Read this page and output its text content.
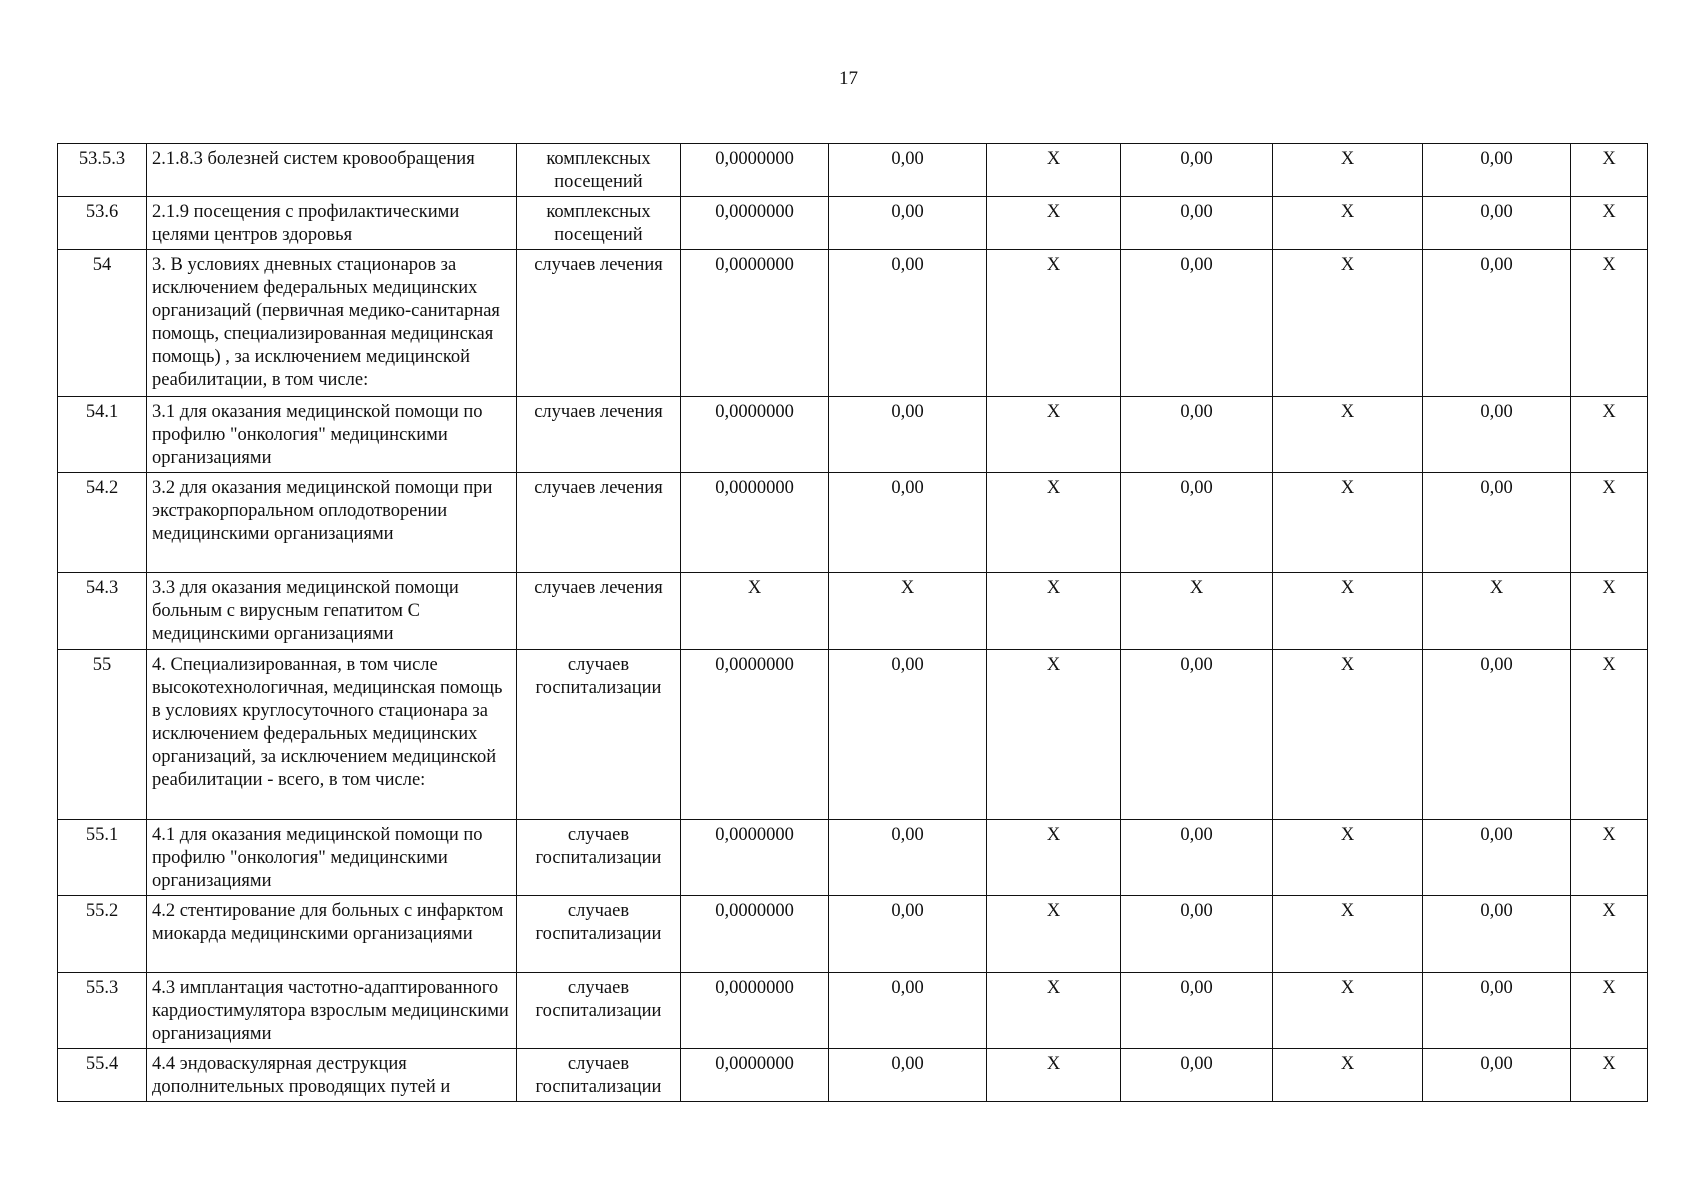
17
53.5.3	2.1.8.3 болезней систем кровообращения	комплексных посещений	0,0000000	0,00	X	0,00	X	0,00	X
53.6	2.1.9 посещения с профилактическими целями центров здоровья	комплексных посещений	0,0000000	0,00	X	0,00	X	0,00	X
54	3. В условиях дневных стационаров за исключением федеральных медицинских организаций (первичная медико-санитарная помощь, специализированная медицинская помощь) , за исключением медицинской реабилитации, в том числе:	случаев лечения	0,0000000	0,00	X	0,00	X	0,00	X
54.1	3.1 для оказания медицинской помощи по профилю "онкология" медицинскими организациями	случаев лечения	0,0000000	0,00	X	0,00	X	0,00	X
54.2	3.2 для оказания медицинской помощи при экстракорпоральном оплодотворении медицинскими организациями	случаев лечения	0,0000000	0,00	X	0,00	X	0,00	X
54.3	3.3 для оказания медицинской помощи больным с вирусным гепатитом С медицинскими организациями	случаев лечения	X	X	X	X	X	X	X
55	4. Специализированная, в том числе высокотехнологичная, медицинская помощь в условиях круглосуточного стационара за исключением федеральных медицинских организаций, за исключением медицинской реабилитации - всего, в том числе:	случаев госпитализации	0,0000000	0,00	X	0,00	X	0,00	X
55.1	4.1 для оказания медицинской помощи по профилю "онкология" медицинскими организациями	случаев госпитализации	0,0000000	0,00	X	0,00	X	0,00	X
55.2	4.2 стентирование для больных с инфарктом миокарда медицинскими организациями	случаев госпитализации	0,0000000	0,00	X	0,00	X	0,00	X
55.3	4.3 имплантация частотно-адаптированного кардиостимулятора взрослым медицинскими организациями	случаев госпитализации	0,0000000	0,00	X	0,00	X	0,00	X
55.4	4.4 эндоваскулярная деструкция дополнительных проводящих путей и	случаев госпитализации	0,0000000	0,00	X	0,00	X	0,00	X
